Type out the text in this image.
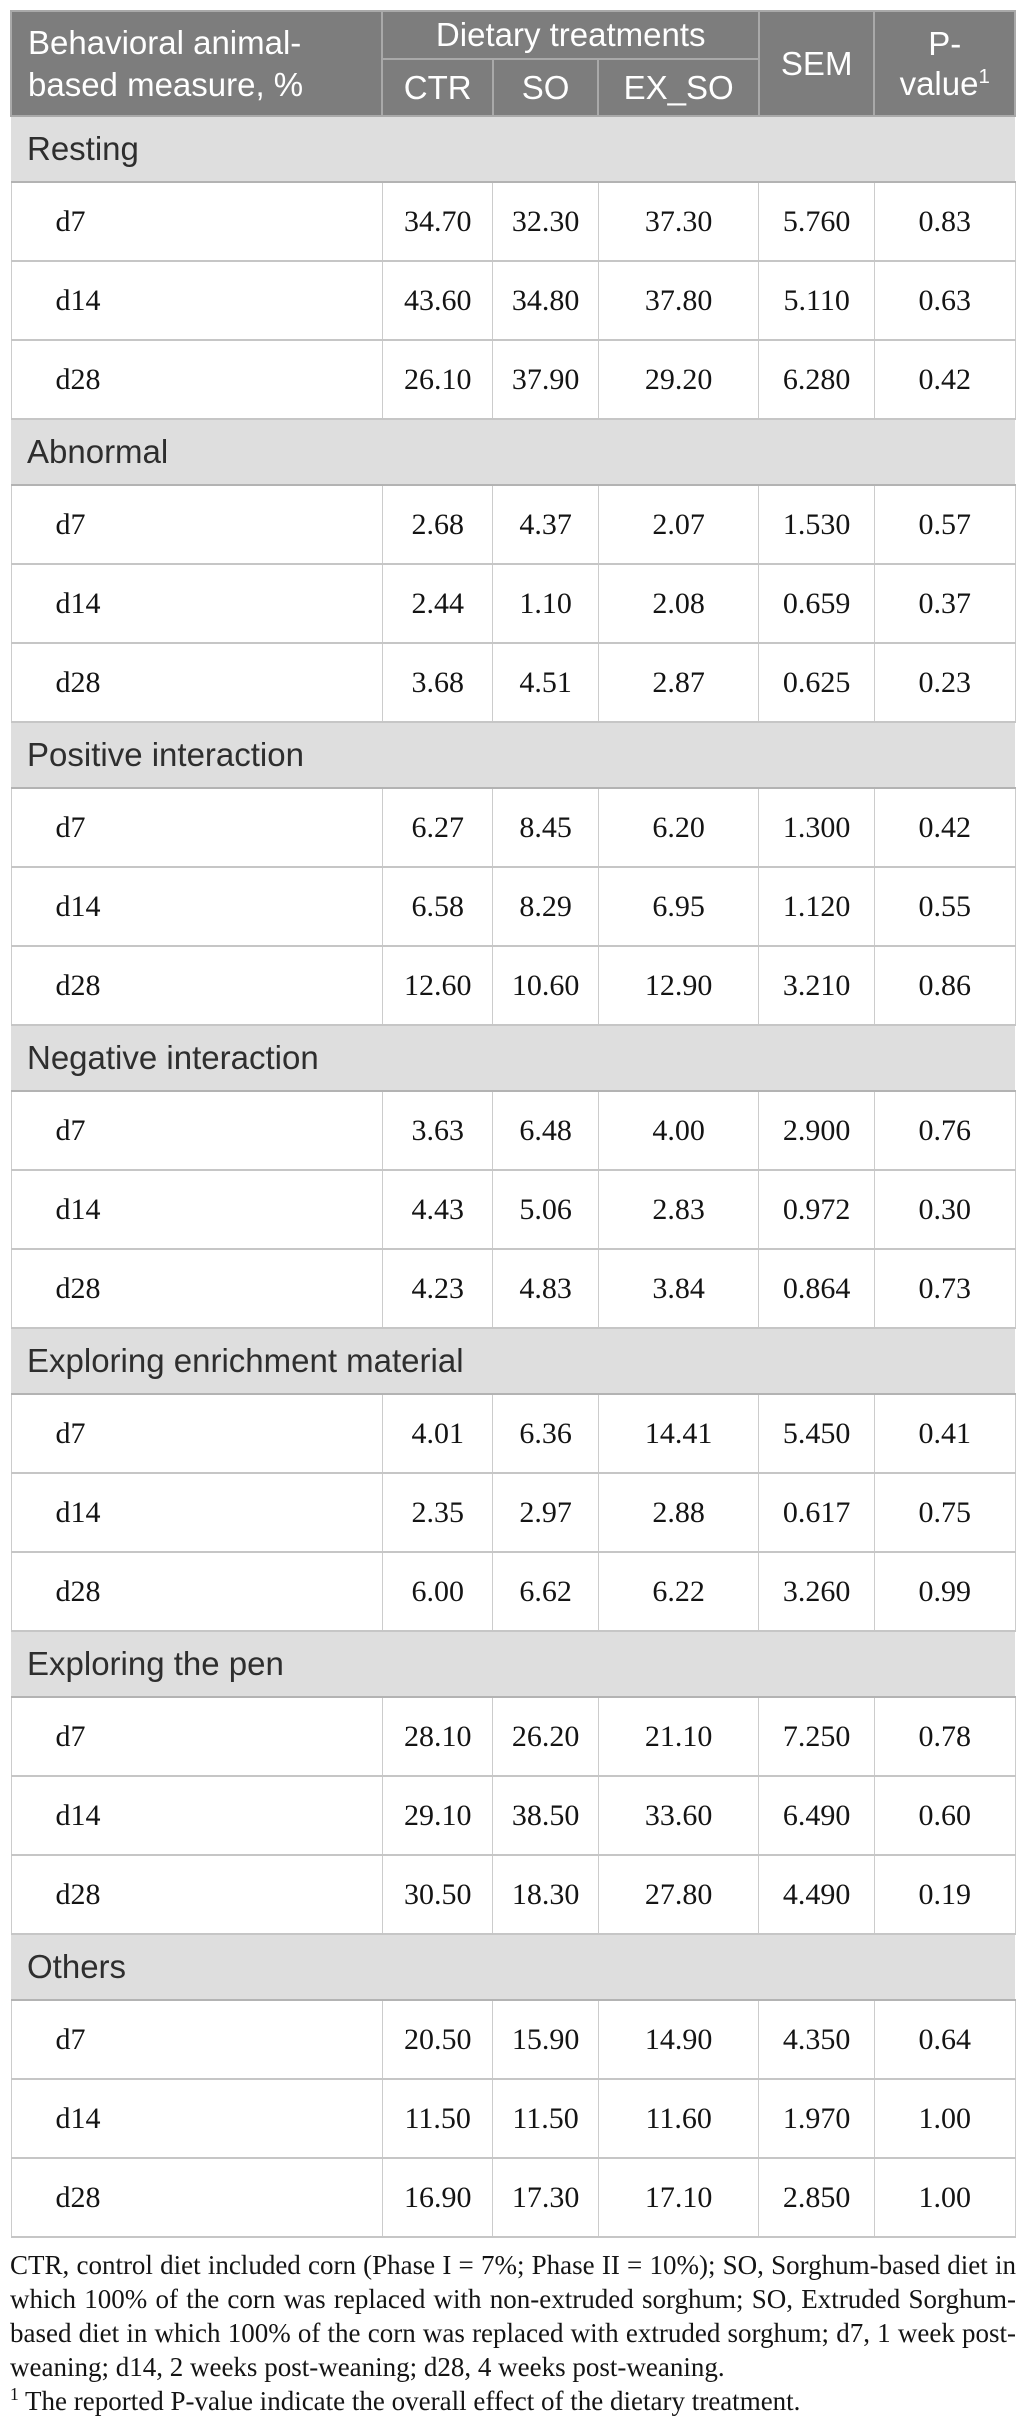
Behavioral animal-based measure, %	Dietary treatments			SEM	P-value$^1$

	CTR	SO	EX_SO		
Resting					
d7	34.70	32.30	37.30	5.760	0.83
d14	43.60	34.80	37.80	5.110	0.63
d28	26.10	37.90	29.20	6.280	0.42
Abnormal					
d7	2.68	4.37	2.07	1.530	0.57
d14	2.44	1.10	2.08	0.659	0.37
d28	3.68	4.51	2.87	0.625	0.23
Positive interaction					
d7	6.27	8.45	6.20	1.300	0.42
d14	6.58	8.29	6.95	1.120	0.55
d28	12.60	10.60	12.90	3.210	0.86
Negative interaction					
d7	3.63	6.48	4.00	2.900	0.76
d14	4.43	5.06	2.83	0.972	0.30
d28	4.23	4.83	3.84	0.864	0.73
Exploring enrichment material					
d7	4.01	6.36	14.41	5.450	0.41
d14	2.35	2.97	2.88	0.617	0.75
d28	6.00	6.62	6.22	3.260	0.99
Exploring the pen					
d7	28.10	26.20	21.10	7.250	0.78
d14	29.10	38.50	33.60	6.490	0.60
d28	30.50	18.30	27.80	4.490	0.19
Others					
d7	20.50	15.90	14.90	4.350	0.64
d14	11.50	11.50	11.60	1.970	1.00
d28	16.90	17.30	17.10	2.850	1.00

CTR, control diet included corn (Phase I = 7%; Phase II = 10%); SO, Sorghum-based diet in which 100% of the corn was replaced with non-extruded sorghum; SO, Extruded Sorghum-based diet in which 100% of the corn was replaced with extruded sorghum; d7, 1 week post-weaning; d14, 2 weeks post-weaning; d28, 4 weeks post-weaning.

$^1$ The reported P-value indicate the overall effect of the dietary treatment.
